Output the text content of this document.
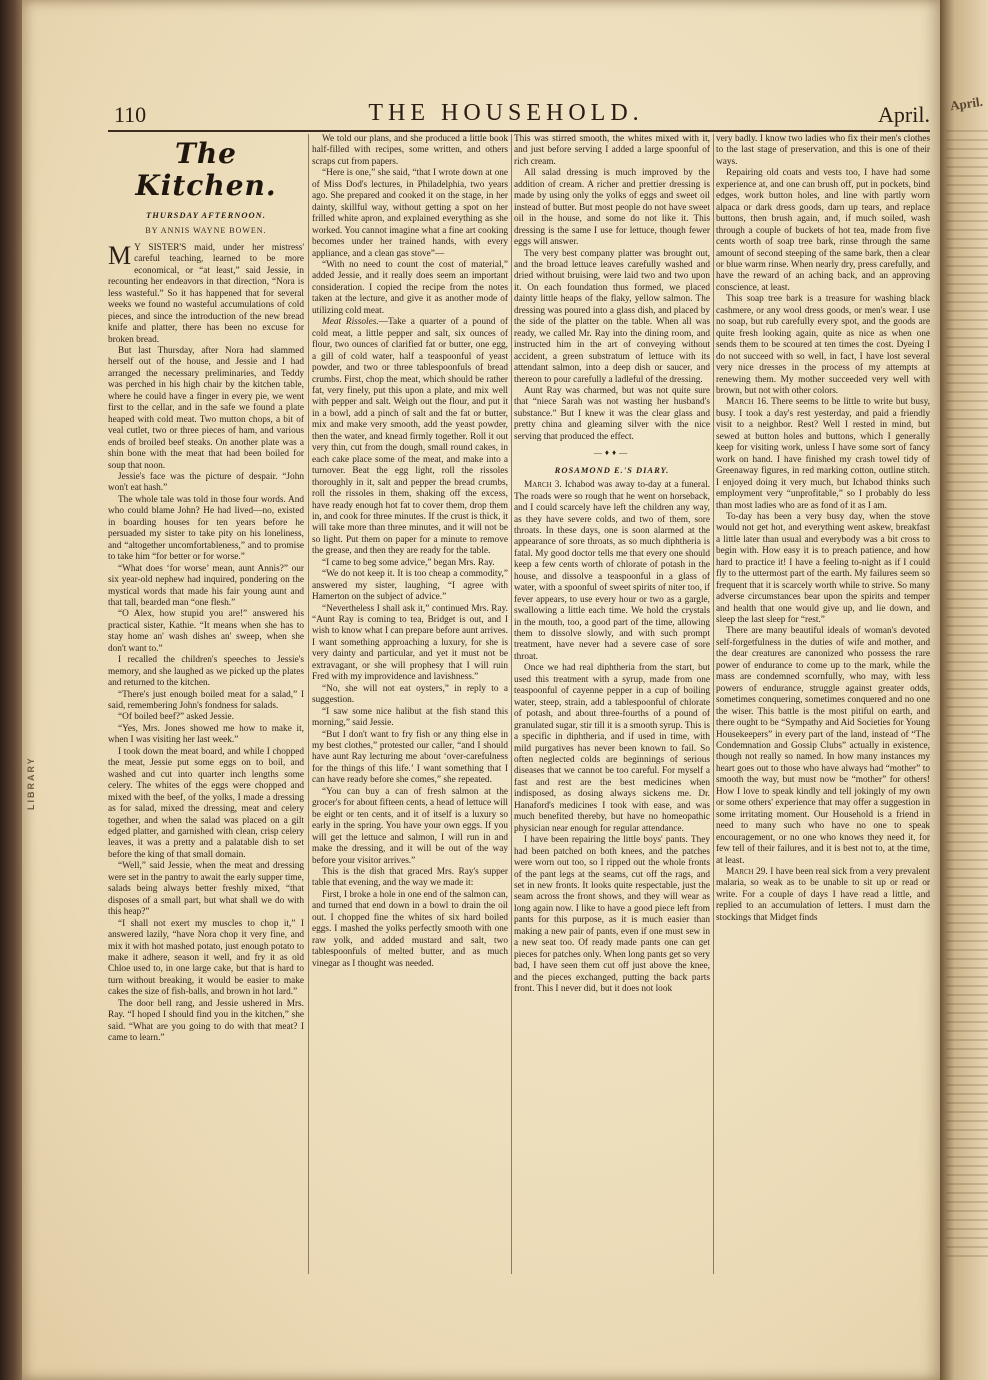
April.
LIBRARY
110	THE HOUSEHOLD.	April.
The Kitchen.
THURSDAY AFTERNOON.
BY ANNIS WAYNE BOWEN.

M Y SISTER'S maid, under her mistress' careful teaching, learned to be more economical, or “at least,” said Jessie, in recounting her endeavors in that direction, “Nora is less wasteful.” So it has happened that for several weeks we found no wasteful accumulations of cold pieces, and since the introduction of the new bread knife and platter, there has been no excuse for broken bread.

But last Thursday, after Nora had slammed herself out of the house, and Jessie and I had arranged the necessary preliminaries, and Teddy was perched in his high chair by the kitchen table, where he could have a finger in every pie, we went first to the cellar, and in the safe we found a plate heaped with cold meat. Two mutton chops, a bit of veal cutlet, two or three pieces of ham, and various ends of broiled beef steaks. On another plate was a shin bone with the meat that had been boiled for soup that noon.

Jessie's face was the picture of despair. “John won't eat hash.”

The whole tale was told in those four words. And who could blame John? He had lived—no, existed in boarding houses for ten years before he persuaded my sister to take pity on his loneliness, and “altogether uncomfortableness,” and to promise to take him “for better or for worse.”

“What does ‘for worse’ mean, aunt Annis?” our six year-old nephew had inquired, pondering on the mystical words that made his fair young aunt and that tall, bearded man “one flesh.”

“O Alex, how stupid you are!” answered his practical sister, Kathie. “It means when she has to stay home an' wash dishes an' sweep, when she don't want to.”

I recalled the children's speeches to Jessie's memory, and she laughed as we picked up the plates and returned to the kitchen.

“There's just enough boiled meat for a salad,” I said, remembering John's fondness for salads.

“Of boiled beef?” asked Jessie.

“Yes, Mrs. Jones showed me how to make it, when I was visiting her last week.”

I took down the meat board, and while I chopped the meat, Jessie put some eggs on to boil, and washed and cut into quarter inch lengths some celery. The whites of the eggs were chopped and mixed with the beef, of the yolks, I made a dressing as for salad, mixed the dressing, meat and celery together, and when the salad was placed on a gilt edged platter, and garnished with clean, crisp celery leaves, it was a pretty and a palatable dish to set before the king of that small domain.

“Well,” said Jessie, when the meat and dressing were set in the pantry to await the early supper time, salads being always better freshly mixed, “that disposes of a small part, but what shall we do with this heap?”

“I shall not exert my muscles to chop it,” I answered lazily, “have Nora chop it very fine, and mix it with hot mashed potato, just enough potato to make it adhere, season it well, and fry it as old Chloe used to, in one large cake, but that is hard to turn without breaking, it would be easier to make cakes the size of fish-balls, and brown in hot lard.”

The door bell rang, and Jessie ushered in Mrs. Ray. “I hoped I should find you in the kitchen,” she said. “What are you going to do with that meat? I came to learn.”

We told our plans, and she produced a little book half-filled with recipes, some written, and others scraps cut from papers.

“Here is one,” she said, “that I wrote down at one of Miss Dod's lectures, in Philadelphia, two years ago. She prepared and cooked it on the stage, in her dainty, skillful way, without getting a spot on her frilled white apron, and explained everything as she worked. You cannot imagine what a fine art cooking becomes under her trained hands, with every appliance, and a clean gas stove”—

“With no need to count the cost of material,” added Jessie, and it really does seem an important consideration. I copied the recipe from the notes taken at the lecture, and give it as another mode of utilizing cold meat.

Meat Rissoles.—Take a quarter of a pound of cold meat, a little pepper and salt, six ounces of flour, two ounces of clarified fat or butter, one egg, a gill of cold water, half a teaspoonful of yeast powder, and two or three tablespoonfuls of bread crumbs. First, chop the meat, which should be rather fat, very finely, put this upon a plate, and mix well with pepper and salt. Weigh out the flour, and put it in a bowl, add a pinch of salt and the fat or butter, mix and make very smooth, add the yeast powder, then the water, and knead firmly together. Roll it out very thin, cut from the dough, small round cakes, in each cake place some of the meat, and make into a turnover. Beat the egg light, roll the rissoles thoroughly in it, salt and pepper the bread crumbs, roll the rissoles in them, shaking off the excess, have ready enough hot fat to cover them, drop them in, and cook for three minutes. If the crust is thick, it will take more than three minutes, and it will not be so light. Put them on paper for a minute to remove the grease, and then they are ready for the table.

“I came to beg some advice,” began Mrs. Ray.

“We do not keep it. It is too cheap a commodity,” answered my sister, laughing, “I agree with Hamerton on the subject of advice.”

“Nevertheless I shall ask it,” continued Mrs. Ray. “Aunt Ray is coming to tea, Bridget is out, and I wish to know what I can prepare before aunt arrives. I want something approaching a luxury, for she is very dainty and particular, and yet it must not be extravagant, or she will prophesy that I will ruin Fred with my improvidence and lavishness.”

“No, she will not eat oysters,” in reply to a suggestion.

“I saw some nice halibut at the fish stand this morning,” said Jessie.

“But I don't want to fry fish or any thing else in my best clothes,” protested our caller, “and I should have aunt Ray lecturing me about ‘over-carefulness for the things of this life.’ I want something that I can have ready before she comes,” she repeated.

“You can buy a can of fresh salmon at the grocer's for about fifteen cents, a head of lettuce will be eight or ten cents, and it of itself is a luxury so early in the spring. You have your own eggs. If you will get the lettuce and salmon, I will run in and make the dressing, and it will be out of the way before your visitor arrives.”

This is the dish that graced Mrs. Ray's supper table that evening, and the way we made it:

First, I broke a hole in one end of the salmon can, and turned that end down in a bowl to drain the oil out. I chopped fine the whites of six hard boiled eggs. I mashed the yolks perfectly smooth with one raw yolk, and added mustard and salt, two tablespoonfuls of melted butter, and as much vinegar as I thought was needed.

This was stirred smooth, the whites mixed with it, and just before serving I added a large spoonful of rich cream.

All salad dressing is much improved by the addition of cream. A richer and prettier dressing is made by using only the yolks of eggs and sweet oil instead of butter. But most people do not have sweet oil in the house, and some do not like it. This dressing is the same I use for lettuce, though fewer eggs will answer.

The very best company platter was brought out, and the broad lettuce leaves carefully washed and dried without bruising, were laid two and two upon it. On each foundation thus formed, we placed dainty little heaps of the flaky, yellow salmon. The dressing was poured into a glass dish, and placed by the side of the platter on the table. When all was ready, we called Mr. Ray into the dining room, and instructed him in the art of conveying without accident, a green substratum of lettuce with its attendant salmon, into a deep dish or saucer, and thereon to pour carefully a ladleful of the dressing.

Aunt Ray was charmed, but was not quite sure that “niece Sarah was not wasting her husband's substance.” But I knew it was the clear glass and pretty china and gleaming silver with the nice serving that produced the effect.

—♦♦—
ROSAMOND E.'S DIARY.

March 3. Ichabod was away to-day at a funeral. The roads were so rough that he went on horseback, and I could scarcely have left the children any way, as they have severe colds, and two of them, sore throats. In these days, one is soon alarmed at the appearance of sore throats, as so much diphtheria is fatal. My good doctor tells me that every one should keep a few cents worth of chlorate of potash in the house, and dissolve a teaspoonful in a glass of water, with a spoonful of sweet spirits of niter too, if fever appears, to use every hour or two as a gargle, swallowing a little each time. We hold the crystals in the mouth, too, a good part of the time, allowing them to dissolve slowly, and with such prompt treatment, have never had a severe case of sore throat.

Once we had real diphtheria from the start, but used this treatment with a syrup, made from one teaspoonful of cayenne pepper in a cup of boiling water, steep, strain, add a tablespoonful of chlorate of potash, and about three-fourths of a pound of granulated sugar, stir till it is a smooth syrup. This is a specific in diphtheria, and if used in time, with mild purgatives has never been known to fail. So often neglected colds are beginnings of serious diseases that we cannot be too careful. For myself a fast and rest are the best medicines when indisposed, as dosing always sickens me. Dr. Hanaford's medicines I took with ease, and was much benefited thereby, but have no homeopathic physician near enough for regular attendance.

I have been repairing the little boys' pants. They had been patched on both knees, and the patches were worn out too, so I ripped out the whole fronts of the pant legs at the seams, cut off the rags, and set in new fronts. It looks quite respectable, just the seam across the front shows, and they will wear as long again now. I like to have a good piece left from pants for this purpose, as it is much easier than making a new pair of pants, even if one must sew in a new seat too. Of ready made pants one can get pieces for patches only. When long pants get so very bad, I have seen them cut off just above the knee, and the pieces exchanged, putting the back parts front. This I never did, but it does not look

very badly. I know two ladies who fix their men's clothes to the last stage of preservation, and this is one of their ways.

Repairing old coats and vests too, I have had some experience at, and one can brush off, put in pockets, bind edges, work button holes, and line with partly worn alpaca or dark dress goods, darn up tears, and replace buttons, then brush again, and, if much soiled, wash through a couple of buckets of hot tea, made from five cents worth of soap tree bark, rinse through the same amount of second steeping of the same bark, then a clear or blue warm rinse. When nearly dry, press carefully, and have the reward of an aching back, and an approving conscience, at least.

This soap tree bark is a treasure for washing black cashmere, or any wool dress goods, or men's wear. I use no soap, but rub carefully every spot, and the goods are quite fresh looking again, quite as nice as when one sends them to be scoured at ten times the cost. Dyeing I do not succeed with so well, in fact, I have lost several very nice dresses in the process of my attempts at renewing them. My mother succeeded very well with brown, but not with other colors.

March 16. There seems to be little to write but busy, busy. I took a day's rest yesterday, and paid a friendly visit to a neighbor. Rest? Well I rested in mind, but sewed at button holes and buttons, which I generally keep for visiting work, unless I have some sort of fancy work on hand. I have finished my crash towel tidy of Greenaway figures, in red marking cotton, outline stitch. I enjoyed doing it very much, but Ichabod thinks such employment very “unprofitable,” so I probably do less than most ladies who are as fond of it as I am.

To-day has been a very busy day, when the stove would not get hot, and everything went askew, breakfast a little later than usual and everybody was a bit cross to begin with. How easy it is to preach patience, and how hard to practice it! I have a feeling to-night as if I could fly to the uttermost part of the earth. My failures seem so frequent that it is scarcely worth while to strive. So many adverse circumstances bear upon the spirits and temper and health that one would give up, and lie down, and sleep the last sleep for “rest.”

There are many beautiful ideals of woman's devoted self-forgetfulness in the duties of wife and mother, and the dear creatures are canonized who possess the rare power of endurance to come up to the mark, while the mass are condemned scornfully, who may, with less powers of endurance, struggle against greater odds, sometimes conquering, sometimes conquered and no one the wiser. This battle is the most pitiful on earth, and there ought to be “Sympathy and Aid Societies for Young Housekeepers” in every part of the land, instead of “The Condemnation and Gossip Clubs” actually in existence, though not really so named. In how many instances my heart goes out to those who have always had “mother” to smooth the way, but must now be “mother” for others! How I love to speak kindly and tell jokingly of my own or some others' experience that may offer a suggestion in some irritating moment. Our Household is a friend in need to many such who have no one to speak encouragement, or no one who knows they need it, for few tell of their failures, and it is best not to, at the time, at least.

March 29. I have been real sick from a very prevalent malaria, so weak as to be unable to sit up or read or write. For a couple of days I have read a little, and replied to an accumulation of letters. I must darn the stockings that Midget finds
